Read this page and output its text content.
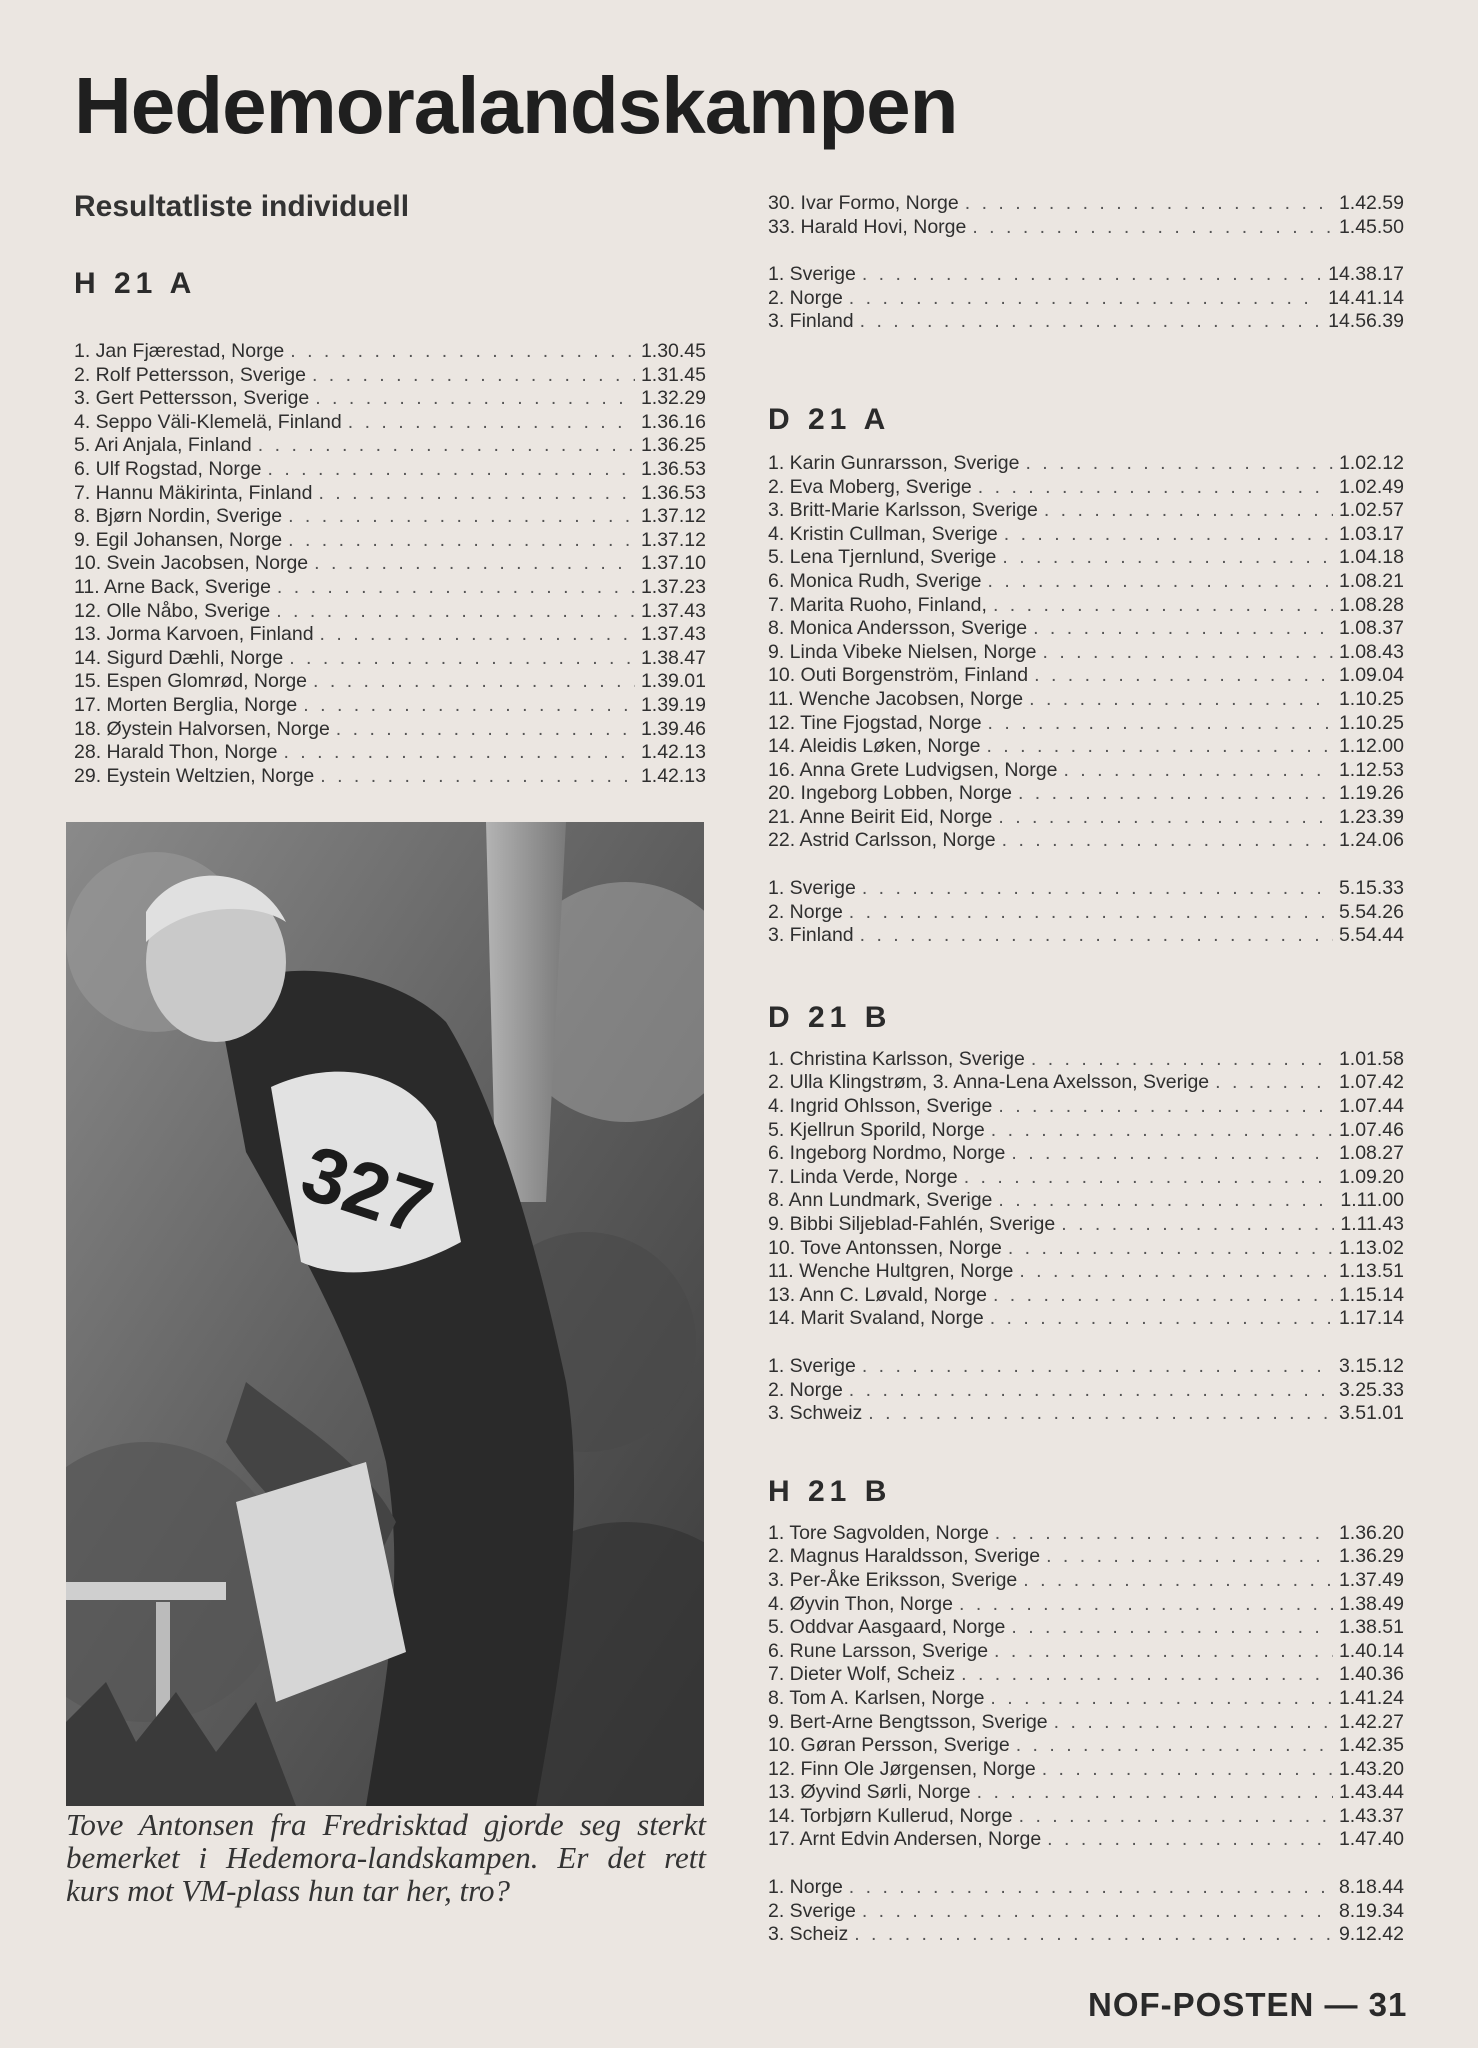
Hedemoralandskampen
Resultatliste individuell
H 21 A
1. Jan Fjærestad, Norge . . .	1.30.45
2. Rolf Pettersson, Sverige . . .	1.31.45
3. Gert Pettersson, Sverige . . .	1.32.29
4. Seppo Väli-Klemelä, Finland . . .	1.36.16
5. Ari Anjala, Finland . . .	1.36.25
6. Ulf Rogstad, Norge . . .	1.36.53
7. Hannu Mäkirinta, Finland . . .	1.36.53
8. Bjørn Nordin, Sverige . . .	1.37.12
9. Egil Johansen, Norge . . .	1.37.12
10. Svein Jacobsen, Norge . . .	1.37.10
11. Arne Back, Sverige . . .	1.37.23
12. Olle Nåbo, Sverige . . .	1.37.43
13. Jorma Karvoen, Finland . . .	1.37.43
14. Sigurd Dæhli, Norge . . .	1.38.47
15. Espen Glomrød, Norge . . .	1.39.01
17. Morten Berglia, Norge . . .	1.39.19
18. Øystein Halvorsen, Norge . . .	1.39.46
28. Harald Thon, Norge . . .	1.42.13
29. Eystein Weltzien, Norge . . .	1.42.13
327

Tove Antonsen fra Fredrisktad gjorde seg sterkt bemerket i Hedemora-landskampen. Er det rett kurs mot VM-plass hun tar her, tro?

30. Ivar Formo, Norge . . .	1.42.59
33. Harald Hovi, Norge . . .	1.45.50
1. Sverige . . .	14.38.17
2. Norge . . .	14.41.14
3. Finland . . .	14.56.39
D 21 A
1. Karin Gunrarsson, Sverige . . .	1.02.12
2. Eva Moberg, Sverige . . .	1.02.49
3. Britt-Marie Karlsson, Sverige . . .	1.02.57
4. Kristin Cullman, Sverige . . .	1.03.17
5. Lena Tjernlund, Sverige . . .	1.04.18
6. Monica Rudh, Sverige . . .	1.08.21
7. Marita Ruoho, Finland, . . .	1.08.28
8. Monica Andersson, Sverige . . .	1.08.37
9. Linda Vibeke Nielsen, Norge . . .	1.08.43
10. Outi Borgenström, Finland . . .	1.09.04
11. Wenche Jacobsen, Norge . . .	1.10.25
12. Tine Fjogstad, Norge . . .	1.10.25
14. Aleidis Løken, Norge . . .	1.12.00
16. Anna Grete Ludvigsen, Norge . . .	1.12.53
20. Ingeborg Lobben, Norge . . .	1.19.26
21. Anne Beirit Eid, Norge . . .	1.23.39
22. Astrid Carlsson, Norge . . .	1.24.06
1. Sverige . . .	5.15.33
2. Norge . . .	5.54.26
3. Finland . . .	5.54.44
D 21 B
1. Christina Karlsson, Sverige . . .	1.01.58
2. Ulla Klingstrøm, 3. Anna-Lena Axelsson, Sverige . . .	1.07.42
4. Ingrid Ohlsson, Sverige . . .	1.07.44
5. Kjellrun Sporild, Norge . . .	1.07.46
6. Ingeborg Nordmo, Norge . . .	1.08.27
7. Linda Verde, Norge . . .	1.09.20
8. Ann Lundmark, Sverige . . .	1.11.00
9. Bibbi Siljeblad-Fahlén, Sverige . . .	1.11.43
10. Tove Antonssen, Norge . . .	1.13.02
11. Wenche Hultgren, Norge . . .	1.13.51
13. Ann C. Løvald, Norge . . .	1.15.14
14. Marit Svaland, Norge . . .	1.17.14
1. Sverige . . .	3.15.12
2. Norge . . .	3.25.33
3. Schweiz . . .	3.51.01
H 21 B
1. Tore Sagvolden, Norge . . .	1.36.20
2. Magnus Haraldsson, Sverige . . .	1.36.29
3. Per-Åke Eriksson, Sverige . . .	1.37.49
4. Øyvin Thon, Norge . . .	1.38.49
5. Oddvar Aasgaard, Norge . . .	1.38.51
6. Rune Larsson, Sverige . . .	1.40.14
7. Dieter Wolf, Scheiz . . .	1.40.36
8. Tom A. Karlsen, Norge . . .	1.41.24
9. Bert-Arne Bengtsson, Sverige . . .	1.42.27
10. Gøran Persson, Sverige . . .	1.42.35
12. Finn Ole Jørgensen, Norge . . .	1.43.20
13. Øyvind Sørli, Norge . . .	1.43.44
14. Torbjørn Kullerud, Norge . . .	1.43.37
17. Arnt Edvin Andersen, Norge . . .	1.47.40
1. Norge . . .	8.18.44
2. Sverige . . .	8.19.34
3. Scheiz . . .	9.12.42

NOF-POSTEN — 31
